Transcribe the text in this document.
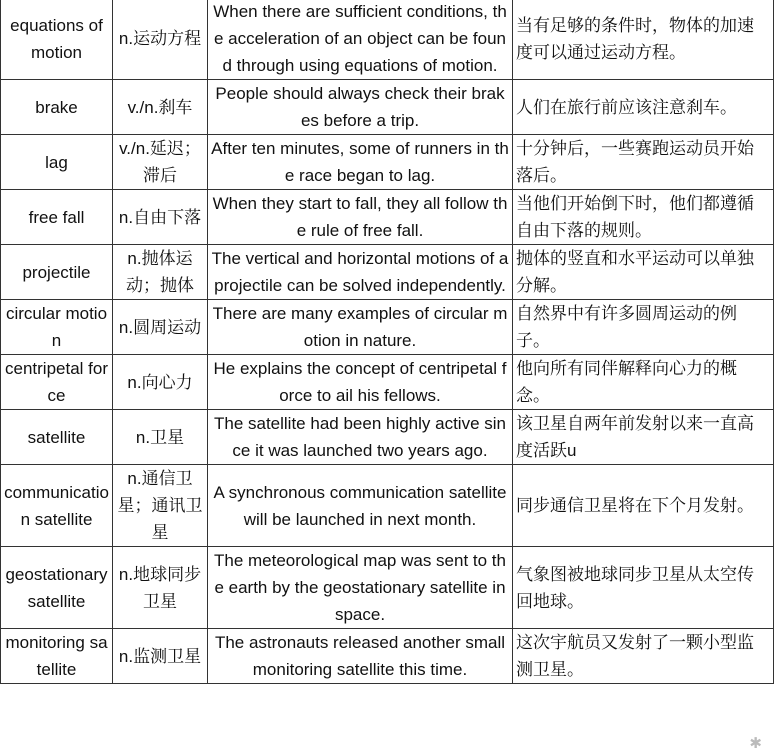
equations of motion	n.运动方程	When there are sufficient conditions, the acceleration of an object can be found through using equations of motion.	当有足够的条件时，物体的加速度可以通过运动方程。
brake	v./n.刹车	People should always check their brakes before a trip.	人们在旅行前应该注意刹车。
lag	v./n.延迟；滞后	After ten minutes, some of runners in the race began to lag.	十分钟后，一些赛跑运动员开始落后。
free fall	n.自由下落	When they start to fall, they all follow the rule of free fall.	当他们开始倒下时，他们都遵循自由下落的规则。
projectile	n.抛体运动；抛体	The vertical and horizontal motions of a projectile can be solved independently.	抛体的竖直和水平运动可以单独分解。
circular motion	n.圆周运动	There are many examples of circular motion in nature.	自然界中有许多圆周运动的例子。
centripetal force	n.向心力	He explains the concept of centripetal force to ail his fellows.	他向所有同伴解释向心力的概念。
satellite	n.卫星	The satellite had been highly active since it was launched two years ago.	该卫星自两年前发射以来一直高度活跃u
communication satellite	n.通信卫星；通讯卫星	A synchronous communication satellite will be launched in next month.	同步通信卫星将在下个月发射。
geostationary satellite	n.地球同步卫星	The meteorological map was sent to the earth by the geostationary satellite in space.	气象图被地球同步卫星从太空传回地球。
monitoring satellite	n.监测卫星	The astronauts released another small monitoring satellite this time.	这次宇航员又发射了一颗小型监测卫星。
✱
